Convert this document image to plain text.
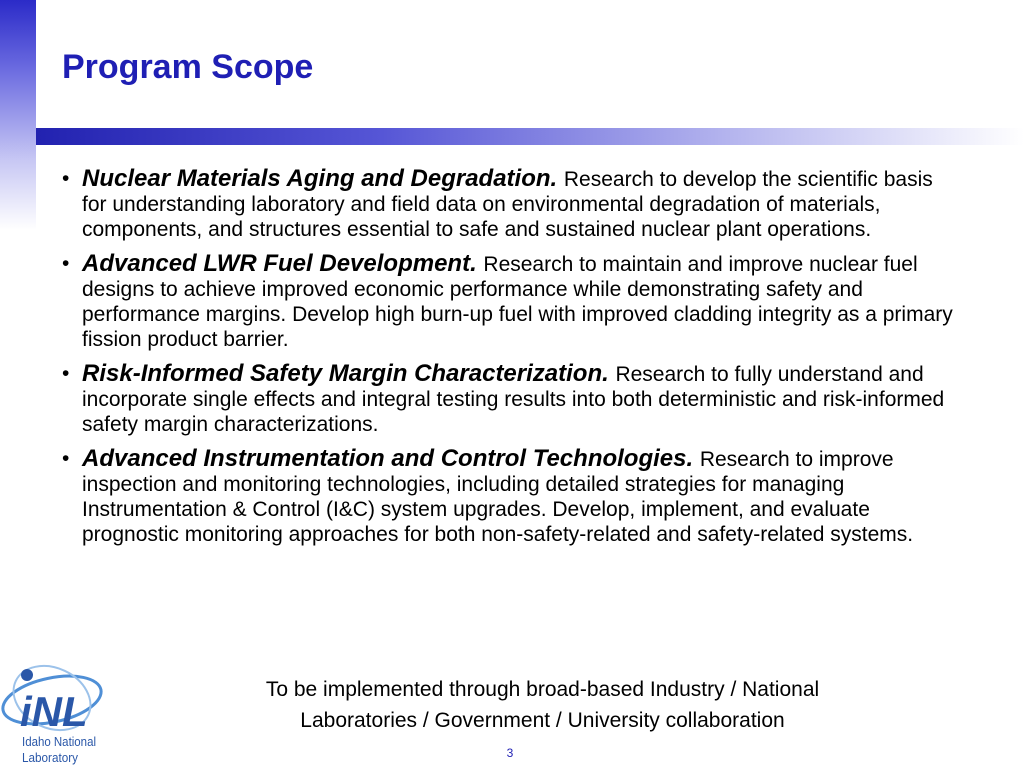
Program Scope
• Nuclear Materials Aging and Degradation. Research to develop the scientific basis for understanding laboratory and field data on environmental degradation of materials, components, and structures essential to safe and sustained nuclear plant operations.
• Advanced LWR Fuel Development. Research to maintain and improve nuclear fuel designs to achieve improved economic performance while demonstrating safety and performance margins. Develop high burn-up fuel with improved cladding integrity as a primary fission product barrier.
• Risk-Informed Safety Margin Characterization. Research to fully understand and incorporate single effects and integral testing results into both deterministic and risk-informed safety margin characterizations.
• Advanced Instrumentation and Control Technologies. Research to improve inspection and monitoring technologies, including detailed strategies for managing Instrumentation & Control (I&C) system upgrades. Develop, implement, and evaluate prognostic monitoring approaches for both non-safety-related and safety-related systems.
To be implemented through broad-based Industry / National
Laboratories / Government / University collaboration
iNL
Idaho National
Laboratory	3
